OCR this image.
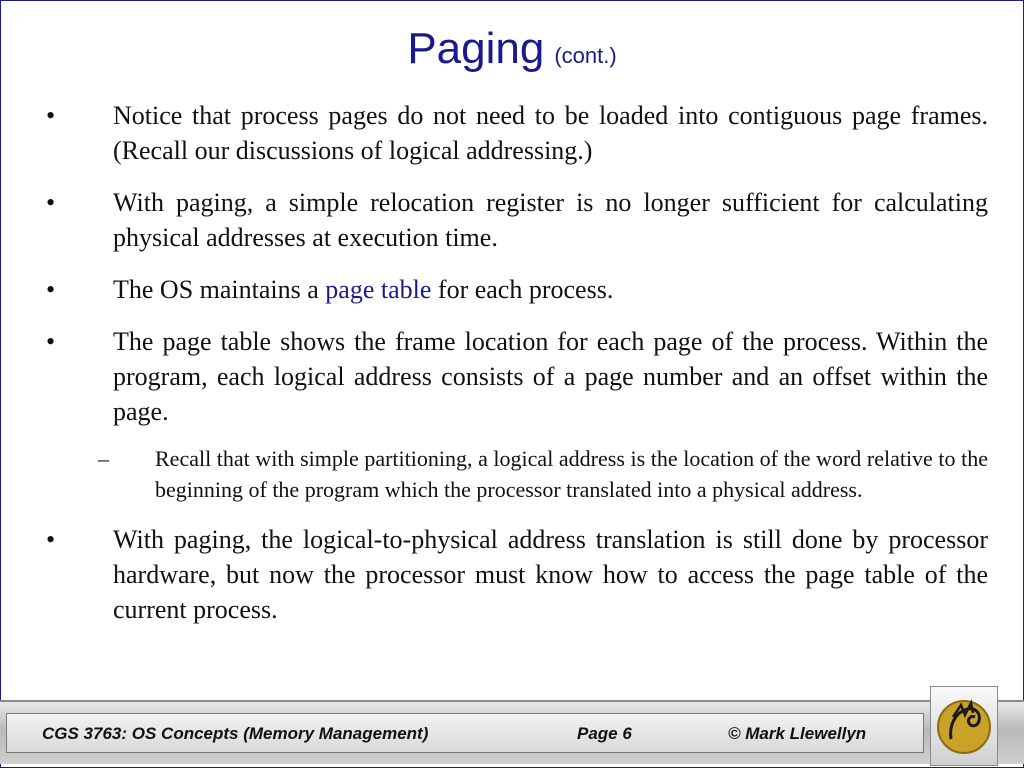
Paging (cont.)
• Notice that process pages do not need to be loaded into contiguous page frames. (Recall our discussions of logical addressing.)
• With paging, a simple relocation register is no longer sufficient for calculating physical addresses at execution time.
• The OS maintains a page table for each process.
• The page table shows the frame location for each page of the process. Within the program, each logical address consists of a page number and an offset within the page.
– Recall that with simple partitioning, a logical address is the location of the word relative to the beginning of the program which the processor translated into a physical address.
• With paging, the logical-to-physical address translation is still done by processor hardware, but now the processor must know how to access the page table of the current process.
CGS 3763: OS Concepts (Memory Management)	Page 6	© Mark Llewellyn
